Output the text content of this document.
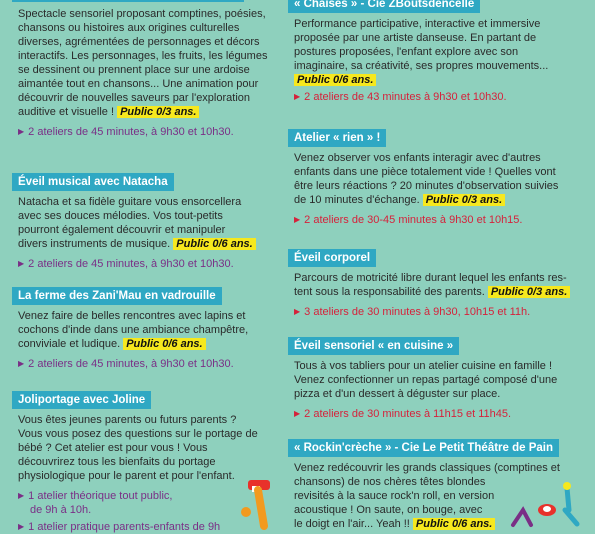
Spectacle sensoriel proposant comptines, poésies,
chansons ou histoires aux origines culturelles
diverses, agrémentées de personnages et décors
interactifs. Les personnages, les fruits, les légumes
se dessinent ou prennent place sur une ardoise
aimantée tout en chansons... Une animation pour
découvrir de nouvelles saveurs par l'exploration
auditive et visuelle ! Public 0/3 ans.
▶ 2 ateliers de 45 minutes, à 9h30 et 10h30.
Éveil musical avec Natacha
Natacha et sa fidèle guitare vous ensorcellera
avec ses douces mélodies. Vos tout-petits
pourront également découvrir et manipuler
divers instruments de musique. Public 0/6 ans.
▶ 2 ateliers de 45 minutes, à 9h30 et 10h30.
La ferme des Zani'Mau en vadrouille
Venez faire de belles rencontres avec lapins et
cochons d'inde dans une ambiance champêtre,
conviviale et ludique. Public 0/6 ans.
▶ 2 ateliers de 45 minutes, à 9h30 et 10h30.
Joliportage avec Joline
Vous êtes jeunes parents ou futurs parents ?
Vous vous posez des questions sur le portage de
bébé ? Cet atelier est pour vous ! Vous
découvrirez tous les bienfaits du portage
physiologique pour le parent et pour l'enfant.
▶ 1 atelier théorique tout public,
de 9h à 10h.
▶ 1 atelier pratique parents-enfants de 9h
« Chaises » - Cie ZBoutsdencelle
Performance participative, interactive et immersive
proposée par une artiste danseuse. En partant de
postures proposées, l'enfant explore avec son
imaginaire, sa créativité, ses propres mouvements...
Public 0/6 ans.
▶ 2 ateliers de 43 minutes à 9h30 et 10h30.
Atelier « rien » !
Venez observer vos enfants interagir avec d'autres
enfants dans une pièce totalement vide ! Quelles vont
être leurs réactions ? 20 minutes d'observation suivies
de 10 minutes d'échange. Public 0/3 ans.
▶ 2 ateliers de 30-45 minutes à 9h30 et 10h15.
Éveil corporel
Parcours de motricité libre durant lequel les enfants res-
tent sous la responsabilité des parents. Public 0/3 ans.
▶ 3 ateliers de 30 minutes à 9h30, 10h15 et 11h.
Éveil sensoriel « en cuisine »
Tous à vos tabliers pour un atelier cuisine en famille !
Venez confectionner un repas partagé composé d'une
pizza et d'un dessert à déguster sur place.
▶ 2 ateliers de 30 minutes à 11h15 et 11h45.
« Rockin'crèche » - Cie Le Petit Théâtre de Pain
Venez redécouvrir les grands classiques (comptines et
chansons) de nos chères têtes blondes
revisités à la sauce rock'n roll, en version
acoustique ! On saute, on bouge, avec
le doigt en l'air... Yeah !! Public 0/6 ans.
